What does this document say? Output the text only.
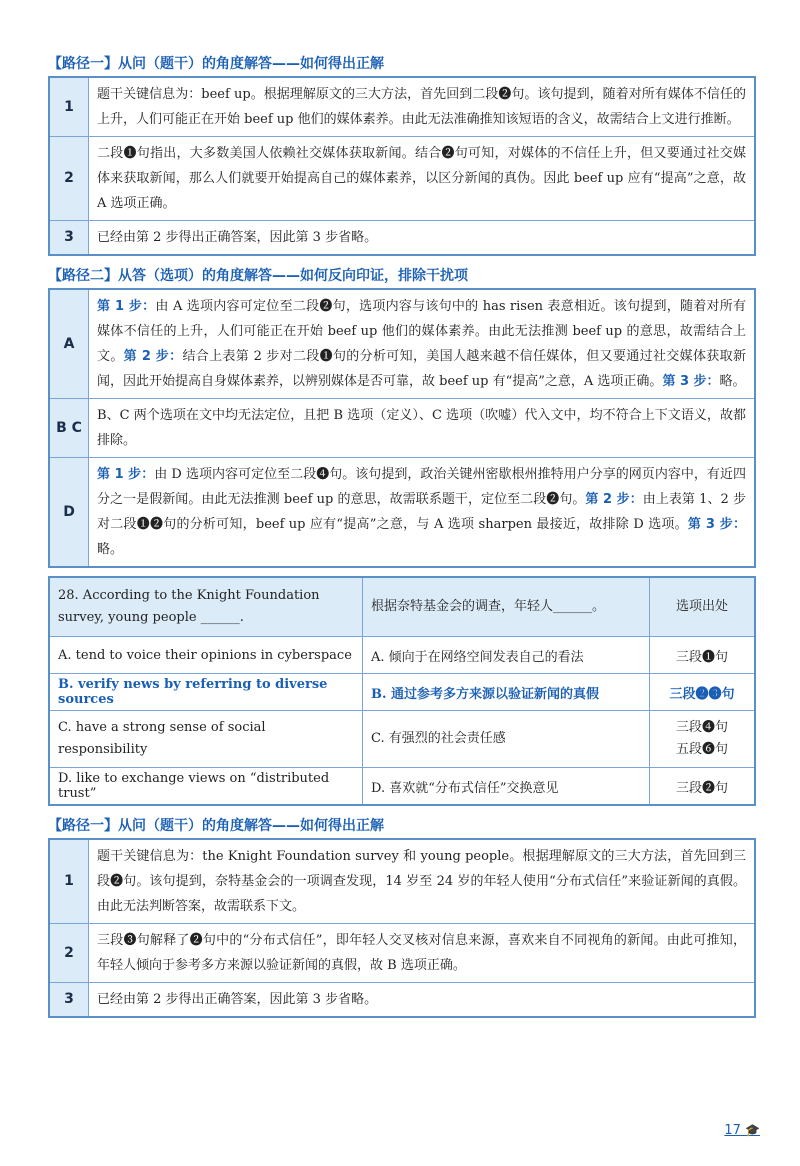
【路径一】从问（题干）的角度解答——如何得出正解

1	题干关键信息为：beef up。根据理解原文的三大方法，首先回到二段❷句。该句提到，随着对所有媒体不信任的上升，人们可能正在开始 beef up 他们的媒体素养。由此无法准确推知该短语的含义，故需结合上文进行推断。
2	二段❶句指出，大多数美国人依赖社交媒体获取新闻。结合❷句可知，对媒体的不信任上升，但又要通过社交媒体来获取新闻，那么人们就要开始提高自己的媒体素养，以区分新闻的真伪。因此 beef up 应有“提高”之意，故 A 选项正确。
3	已经由第 2 步得出正确答案，因此第 3 步省略。

【路径二】从答（选项）的角度解答——如何反向印证，排除干扰项

A	第 1 步：由 A 选项内容可定位至二段❷句，选项内容与该句中的 has risen 表意相近。该句提到，随着对所有媒体不信任的上升，人们可能正在开始 beef up 他们的媒体素养。由此无法推测 beef up 的意思，故需结合上文。第 2 步：结合上表第 2 步对二段❶句的分析可知，美国人越来越不信任媒体，但又要通过社交媒体获取新闻，因此开始提高自身媒体素养，以辨别媒体是否可靠，故 beef up 有“提高”之意，A 选项正确。第 3 步：略。
B C	B、C 两个选项在文中均无法定位，且把 B 选项（定义）、C 选项（吹嘘）代入文中，均不符合上下文语义，故都排除。
D	第 1 步：由 D 选项内容可定位至二段❹句。该句提到，政治关键州密歇根州推特用户分享的网页内容中，有近四分之一是假新闻。由此无法推测 beef up 的意思，故需联系题干，定位至二段❷句。第 2 步：由上表第 1、2 步对二段❶❷句的分析可知，beef up 应有“提高”之意，与 A 选项 sharpen 最接近，故排除 D 选项。第 3 步：略。
28. According to the Knight Foundation survey, young people ______.	根据奈特基金会的调查，年轻人______。	选项出处
A. tend to voice their opinions in cyberspace	A. 倾向于在网络空间发表自己的看法	三段❶句
B. verify news by referring to diverse sources	B. 通过参考多方来源以验证新闻的真假	三段❷❸句
C. have a strong sense of social responsibility	C. 有强烈的社会责任感	三段❹句
五段❻句

D. like to exchange views on “distributed trust”	D. 喜欢就“分布式信任”交换意见	三段❷句

【路径一】从问（题干）的角度解答——如何得出正解

1	题干关键信息为：the Knight Foundation survey 和 young people。根据理解原文的三大方法，首先回到三段❷句。该句提到，奈特基金会的一项调查发现，14 岁至 24 岁的年轻人使用“分布式信任”来验证新闻的真假。由此无法判断答案，故需联系下文。
2	三段❸句解释了❷句中的“分布式信任”，即年轻人交叉核对信息来源，喜欢来自不同视角的新闻。由此可推知，年轻人倾向于参考多方来源以验证新闻的真假，故 B 选项正确。
3	已经由第 2 步得出正确答案，因此第 3 步省略。
17 🎓
